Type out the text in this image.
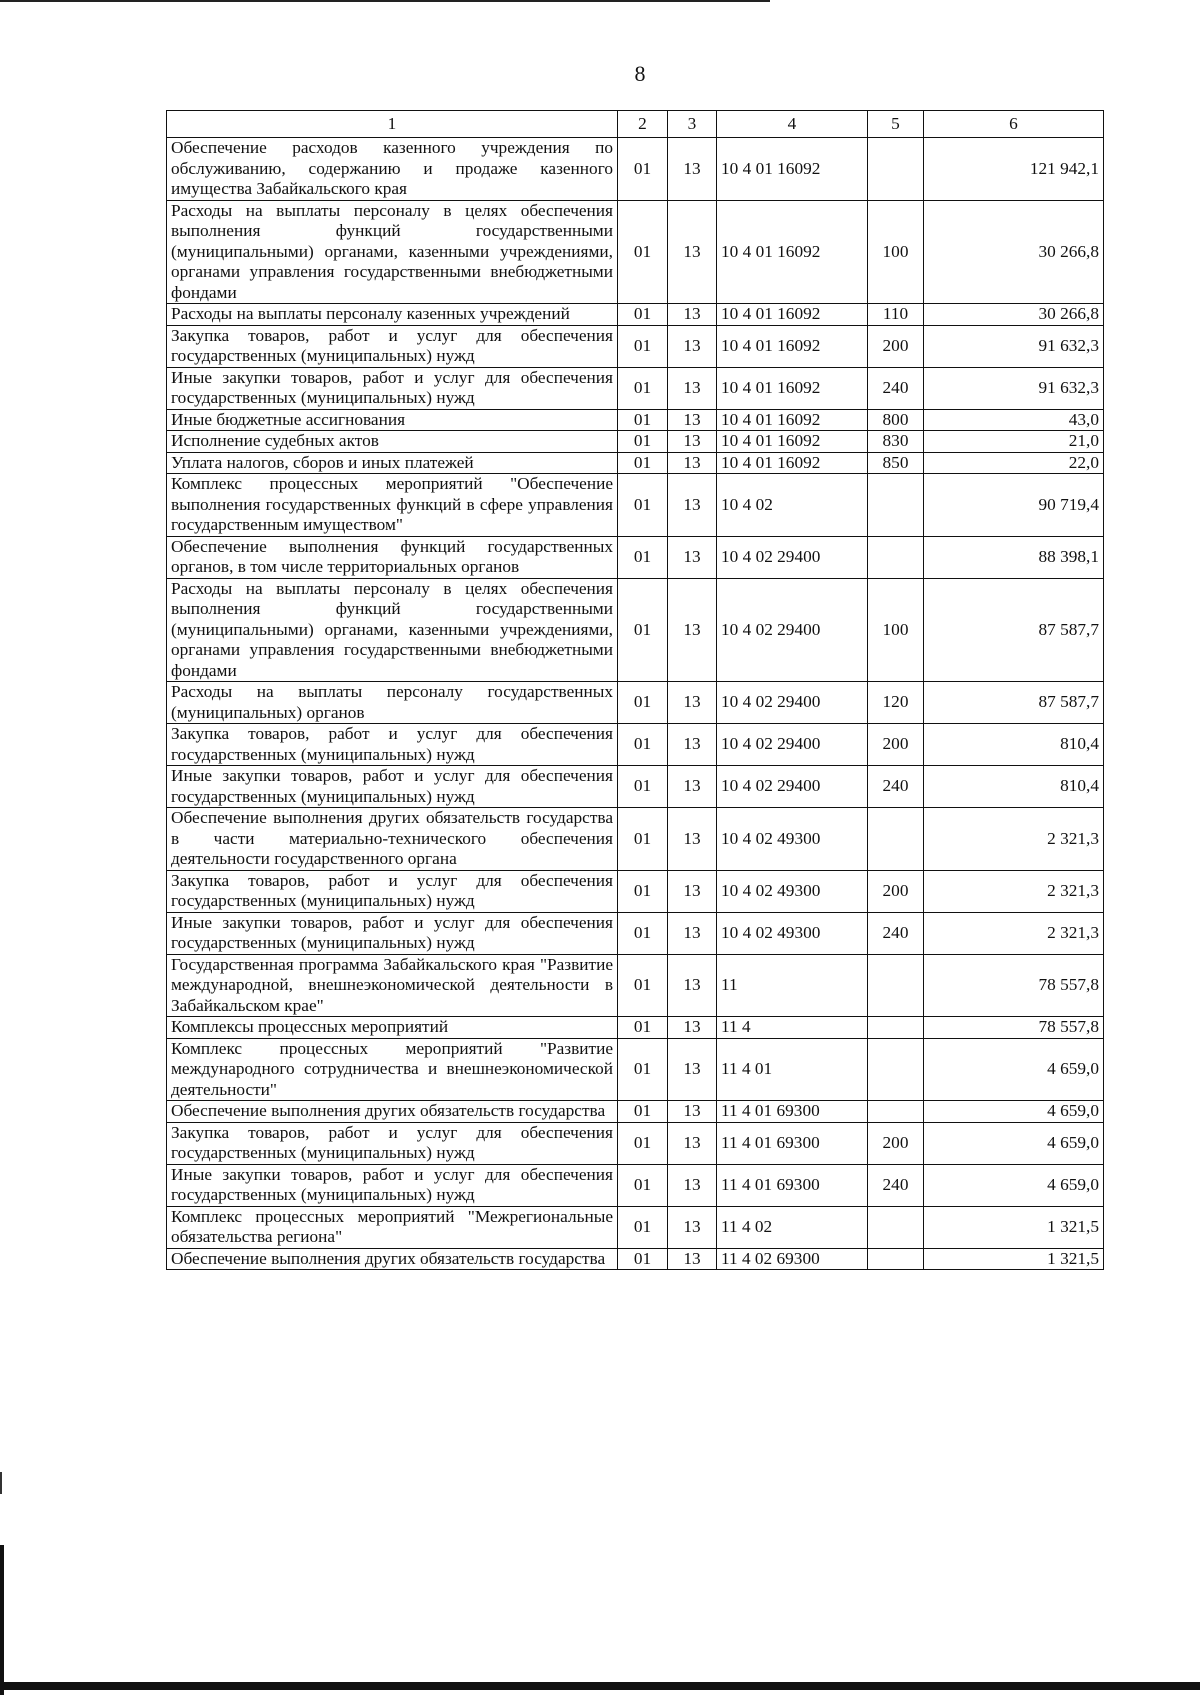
8
1	2	3	4	5	6
Обеспечение расходов казенного учреждения по обслуживанию, содержанию и продаже казенного имущества Забайкальского края	01	13	10 4 01 16092		121 942,1
Расходы на выплаты персоналу в целях обеспечения выполнения функций государственными (муниципальными) органами, казенными учреждениями, органами управления государственными внебюджетными фондами	01	13	10 4 01 16092	100	30 266,8
Расходы на выплаты персоналу казенных учреждений	01	13	10 4 01 16092	110	30 266,8
Закупка товаров, работ и услуг для обеспечения государственных (муниципальных) нужд	01	13	10 4 01 16092	200	91 632,3
Иные закупки товаров, работ и услуг для обеспечения государственных (муниципальных) нужд	01	13	10 4 01 16092	240	91 632,3
Иные бюджетные ассигнования	01	13	10 4 01 16092	800	43,0
Исполнение судебных актов	01	13	10 4 01 16092	830	21,0
Уплата налогов, сборов и иных платежей	01	13	10 4 01 16092	850	22,0
Комплекс процессных мероприятий "Обеспечение выполнения государственных функций в сфере управления государственным имуществом"	01	13	10 4 02		90 719,4
Обеспечение выполнения функций государственных органов, в том числе территориальных органов	01	13	10 4 02 29400		88 398,1
Расходы на выплаты персоналу в целях обеспечения выполнения функций государственными (муниципальными) органами, казенными учреждениями, органами управления государственными внебюджетными фондами	01	13	10 4 02 29400	100	87 587,7
Расходы на выплаты персоналу государственных (муниципальных) органов	01	13	10 4 02 29400	120	87 587,7
Закупка товаров, работ и услуг для обеспечения государственных (муниципальных) нужд	01	13	10 4 02 29400	200	810,4
Иные закупки товаров, работ и услуг для обеспечения государственных (муниципальных) нужд	01	13	10 4 02 29400	240	810,4
Обеспечение выполнения других обязательств государства в части материально-технического обеспечения деятельности государственного органа	01	13	10 4 02 49300		2 321,3
Закупка товаров, работ и услуг для обеспечения государственных (муниципальных) нужд	01	13	10 4 02 49300	200	2 321,3
Иные закупки товаров, работ и услуг для обеспечения государственных (муниципальных) нужд	01	13	10 4 02 49300	240	2 321,3
Государственная программа Забайкальского края "Развитие международной, внешнеэкономической деятельности в Забайкальском крае"	01	13	11		78 557,8
Комплексы процессных мероприятий	01	13	11 4		78 557,8
Комплекс процессных мероприятий "Развитие международного сотрудничества и внешнеэкономической деятельности"	01	13	11 4 01		4 659,0
Обеспечение выполнения других обязательств государства	01	13	11 4 01 69300		4 659,0
Закупка товаров, работ и услуг для обеспечения государственных (муниципальных) нужд	01	13	11 4 01 69300	200	4 659,0
Иные закупки товаров, работ и услуг для обеспечения государственных (муниципальных) нужд	01	13	11 4 01 69300	240	4 659,0
Комплекс процессных мероприятий "Межрегиональные обязательства региона"	01	13	11 4 02		1 321,5
Обеспечение выполнения других обязательств государства	01	13	11 4 02 69300		1 321,5
